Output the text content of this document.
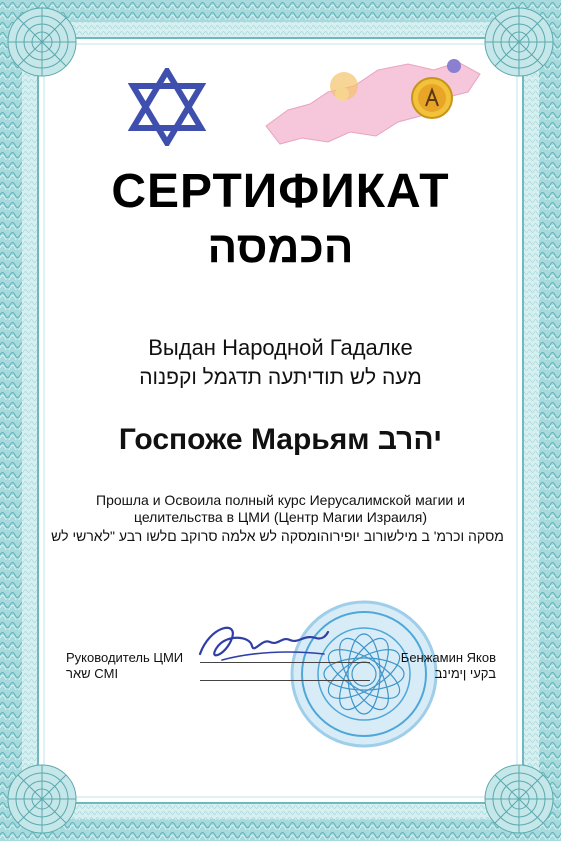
СЕРТИФИКАТ
הכמסה
Выдан Народной Гадалке
מעה לש תודיתעה תדגמל וקפנוה
Госпоже Марьям יהרב
Прошла и Освоила полный курс Иерусалимской магии и целительства в ЦМИ (Центр Магии Израиля)
מסקה וכרמ' ב מילשורוב יופירוהומסקה לש אלמה סרוקב םלשו רבע "לארשי לש
Руководитель ЦМИ
שאר CMI
Бенжамин Яков
בקעי ןימינב
